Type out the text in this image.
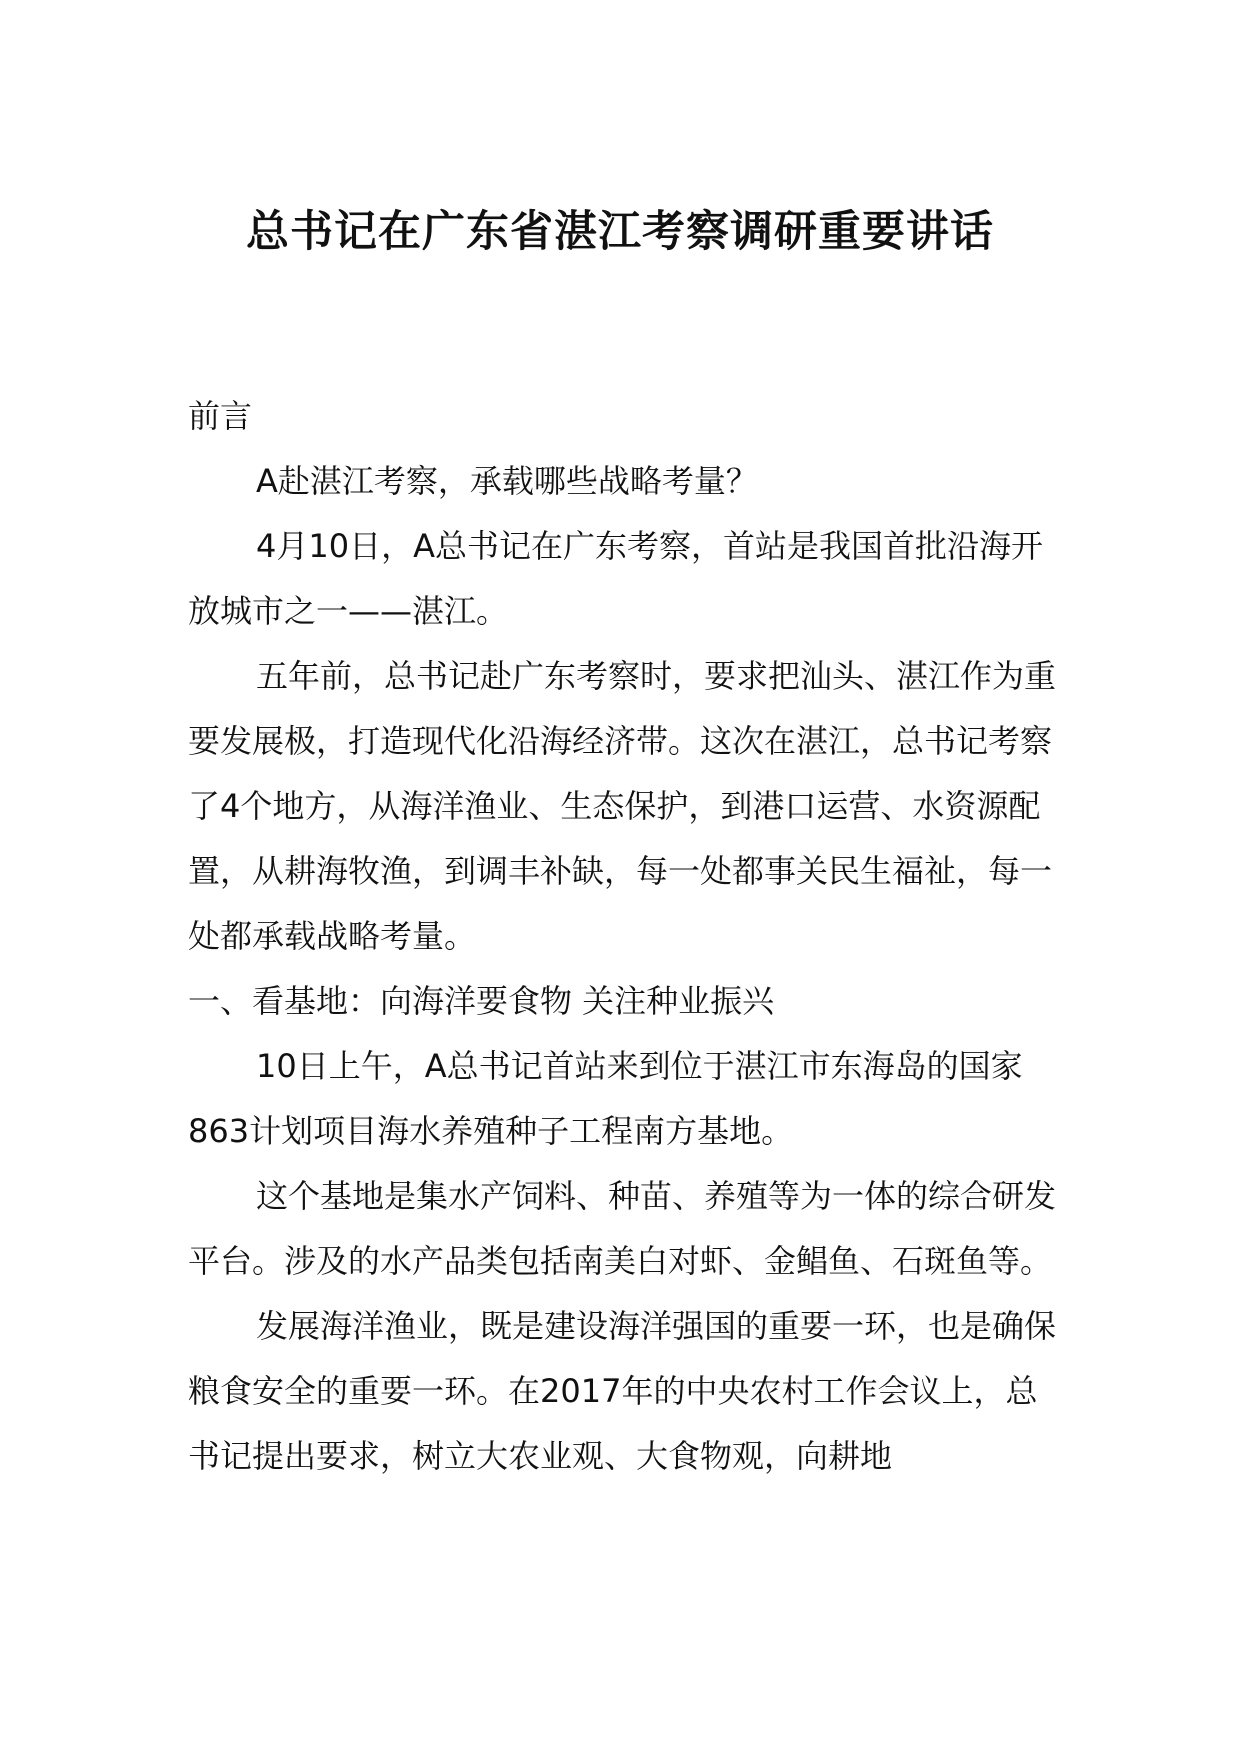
总书记在广东省湛江考察调研重要讲话

前言

A赴湛江考察，承载哪些战略考量？

4月10日，A总书记在广东考察，首站是我国首批沿海开放城市之一——湛江。

五年前，总书记赴广东考察时，要求把汕头、湛江作为重要发展极，打造现代化沿海经济带。这次在湛江，总书记考察了4个地方，从海洋渔业、生态保护，到港口运营、水资源配置，从耕海牧渔，到调丰补缺，每一处都事关民生福祉，每一处都承载战略考量。

一、看基地：向海洋要食物 关注种业振兴

10日上午，A总书记首站来到位于湛江市东海岛的国家863计划项目海水养殖种子工程南方基地。

这个基地是集水产饲料、种苗、养殖等为一体的综合研发平台。涉及的水产品类包括南美白对虾、金鲳鱼、石斑鱼等。

发展海洋渔业，既是建设海洋强国的重要一环，也是确保粮食安全的重要一环。在2017年的中央农村工作会议上，总书记提出要求，树立大农业观、大食物观，向耕地
